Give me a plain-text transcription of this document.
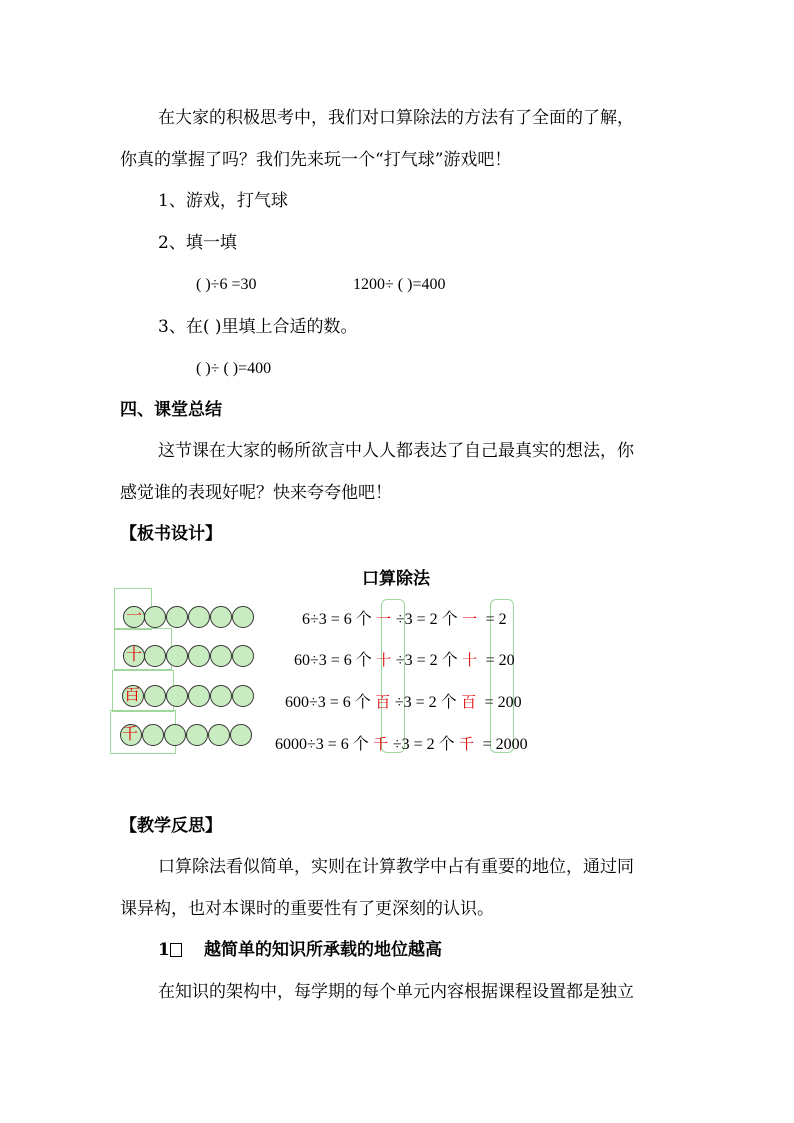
在大家的积极思考中，我们对口算除法的方法有了全面的了解，
你真的掌握了吗？我们先来玩一个“打气球”游戏吧！
1、游戏，打气球
2、填一填
( )÷6 =30	1200÷ ( )=400
3、在( )里填上合适的数。
( )÷ ( )=400
四、课堂总结
这节课在大家的畅所欲言中人人都表达了自己最真实的想法，你
感觉谁的表现好呢？快来夸夸他吧！
【板书设计】
口算除法
一
十
百
千
6÷3 = 6 个 一 ÷3 = 2 个 一 = 2
60÷3 = 6 个 十 ÷3 = 2 个 十 = 20
600÷3 = 6 个 百 ÷3 = 2 个 百 = 200
6000÷3 = 6 个 千 ÷3 = 2 个 千 = 2000
【教学反思】
口算除法看似简单，实则在计算教学中占有重要的地位，通过同
课异构，也对本课时的重要性有了更深刻的认识。
1 越简单的知识所承载的地位越高
在知识的架构中，每学期的每个单元内容根据课程设置都是独立
